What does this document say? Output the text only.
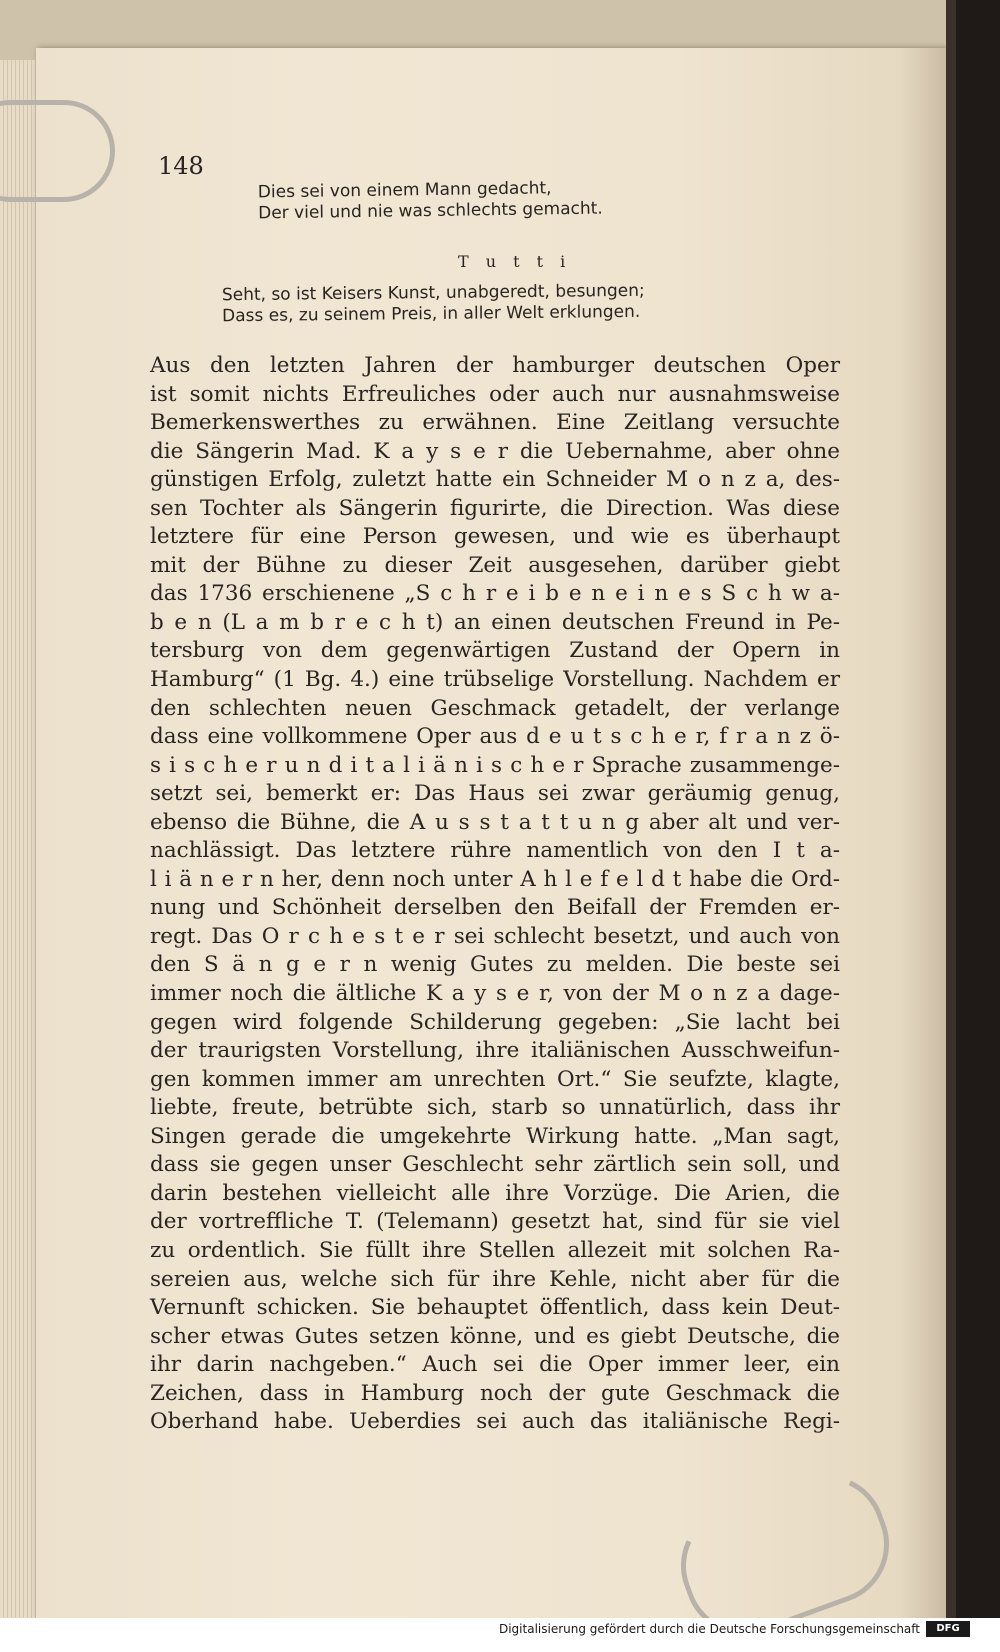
148
Dies sei von einem Mann gedacht,
Der viel und nie was schlechts gemacht.
T u t t i
Seht, so ist Keisers Kunst, unabgeredt, besungen;
Dass es, zu seinem Preis, in aller Welt erklungen.
Aus den letzten Jahren der hamburger deutschen Oper
ist somit nichts Erfreuliches oder auch nur ausnahmsweise
Bemerkenswerthes zu erwähnen. Eine Zeitlang versuchte
die Sängerin Mad. K a y s e r die Uebernahme, aber ohne
günstigen Erfolg, zuletzt hatte ein Schneider M o n z a, des-
sen Tochter als Sängerin figurirte, die Direction. Was diese
letztere für eine Person gewesen, und wie es überhaupt
mit der Bühne zu dieser Zeit ausgesehen, darüber giebt
das 1736 erschienene „S c h r e i b e n e i n e s S c h w a-
b e n (L a m b r e c h t) an einen deutschen Freund in Pe-
tersburg von dem gegenwärtigen Zustand der Opern in
Hamburg“ (1 Bg. 4.) eine trübselige Vorstellung. Nachdem er
den schlechten neuen Geschmack getadelt, der verlange
dass eine vollkommene Oper aus d e u t s c h e r, f r a n z ö-
s i s c h e r u n d i t a l i ä n i s c h e r Sprache zusammenge-
setzt sei, bemerkt er: Das Haus sei zwar geräumig genug,
ebenso die Bühne, die A u s s t a t t u n g aber alt und ver-
nachlässigt. Das letztere rühre namentlich von den I t a-
l i ä n e r n her, denn noch unter A h l e f e l d t habe die Ord-
nung und Schönheit derselben den Beifall der Fremden er-
regt. Das O r c h e s t e r sei schlecht besetzt, und auch von
den S ä n g e r n wenig Gutes zu melden. Die beste sei
immer noch die ältliche K a y s e r, von der M o n z a dage-
gegen wird folgende Schilderung gegeben: „Sie lacht bei
der traurigsten Vorstellung, ihre italiänischen Ausschweifun-
gen kommen immer am unrechten Ort.“ Sie seufzte, klagte,
liebte, freute, betrübte sich, starb so unnatürlich, dass ihr
Singen gerade die umgekehrte Wirkung hatte. „Man sagt,
dass sie gegen unser Geschlecht sehr zärtlich sein soll, und
darin bestehen vielleicht alle ihre Vorzüge. Die Arien, die
der vortreffliche T. (Telemann) gesetzt hat, sind für sie viel
zu ordentlich. Sie füllt ihre Stellen allezeit mit solchen Ra-
sereien aus, welche sich für ihre Kehle, nicht aber für die
Vernunft schicken. Sie behauptet öffentlich, dass kein Deut-
scher etwas Gutes setzen könne, und es giebt Deutsche, die
ihr darin nachgeben.“ Auch sei die Oper immer leer, ein
Zeichen, dass in Hamburg noch der gute Geschmack die
Oberhand habe. Ueberdies sei auch das italiänische Regi-
Digitalisierung gefördert durch die Deutsche Forschungsgemeinschaft	DFG
